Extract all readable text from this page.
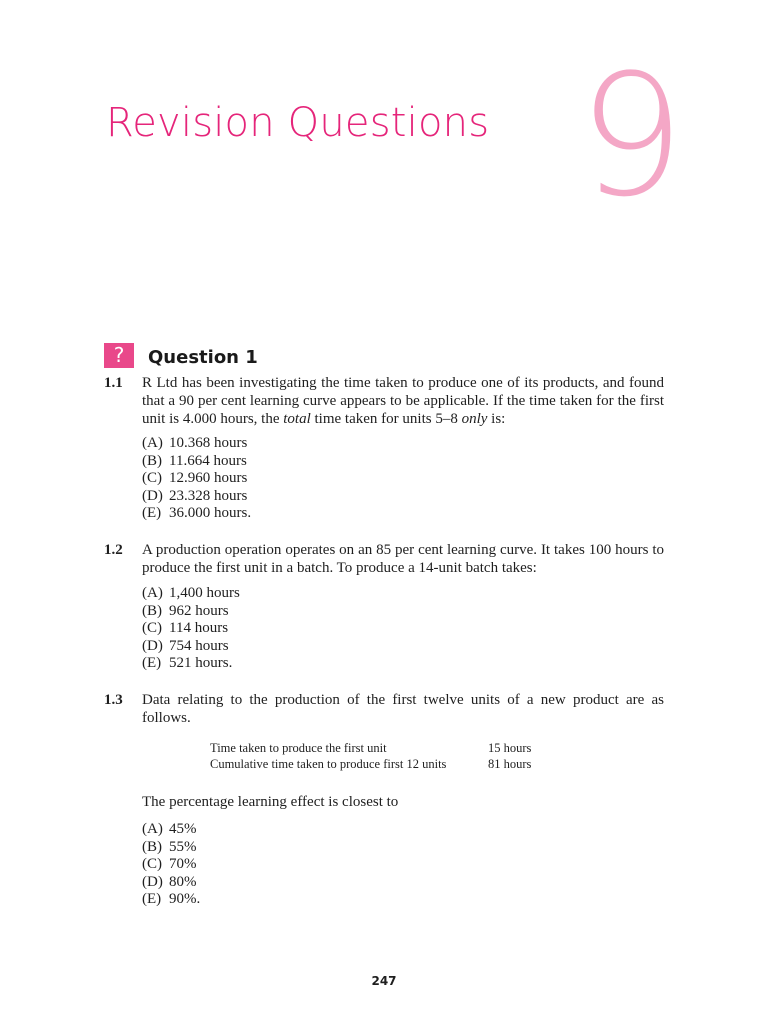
Revision Questions 9
?	Question 1
1.1 R Ltd has been investigating the time taken to produce one of its products, and found that a 90 per cent learning curve appears to be applicable. If the time taken for the first unit is 4.000 hours, the total time taken for units 5–8 only is:
(A) 10.368 hours
(B) 11.664 hours
(C) 12.960 hours
(D) 23.328 hours
(E) 36.000 hours.
1.2 A production operation operates on an 85 per cent learning curve. It takes 100 hours to produce the first unit in a batch. To produce a 14-unit batch takes:
(A) 1,400 hours
(B) 962 hours
(C) 114 hours
(D) 754 hours
(E) 521 hours.
1.3 Data relating to the production of the first twelve units of a new product are as follows.
Time taken to produce the first unit	15 hours
Cumulative time taken to produce first 12 units	81 hours
The percentage learning effect is closest to
(A) 45%
(B) 55%
(C) 70%
(D) 80%
(E) 90%.
247
